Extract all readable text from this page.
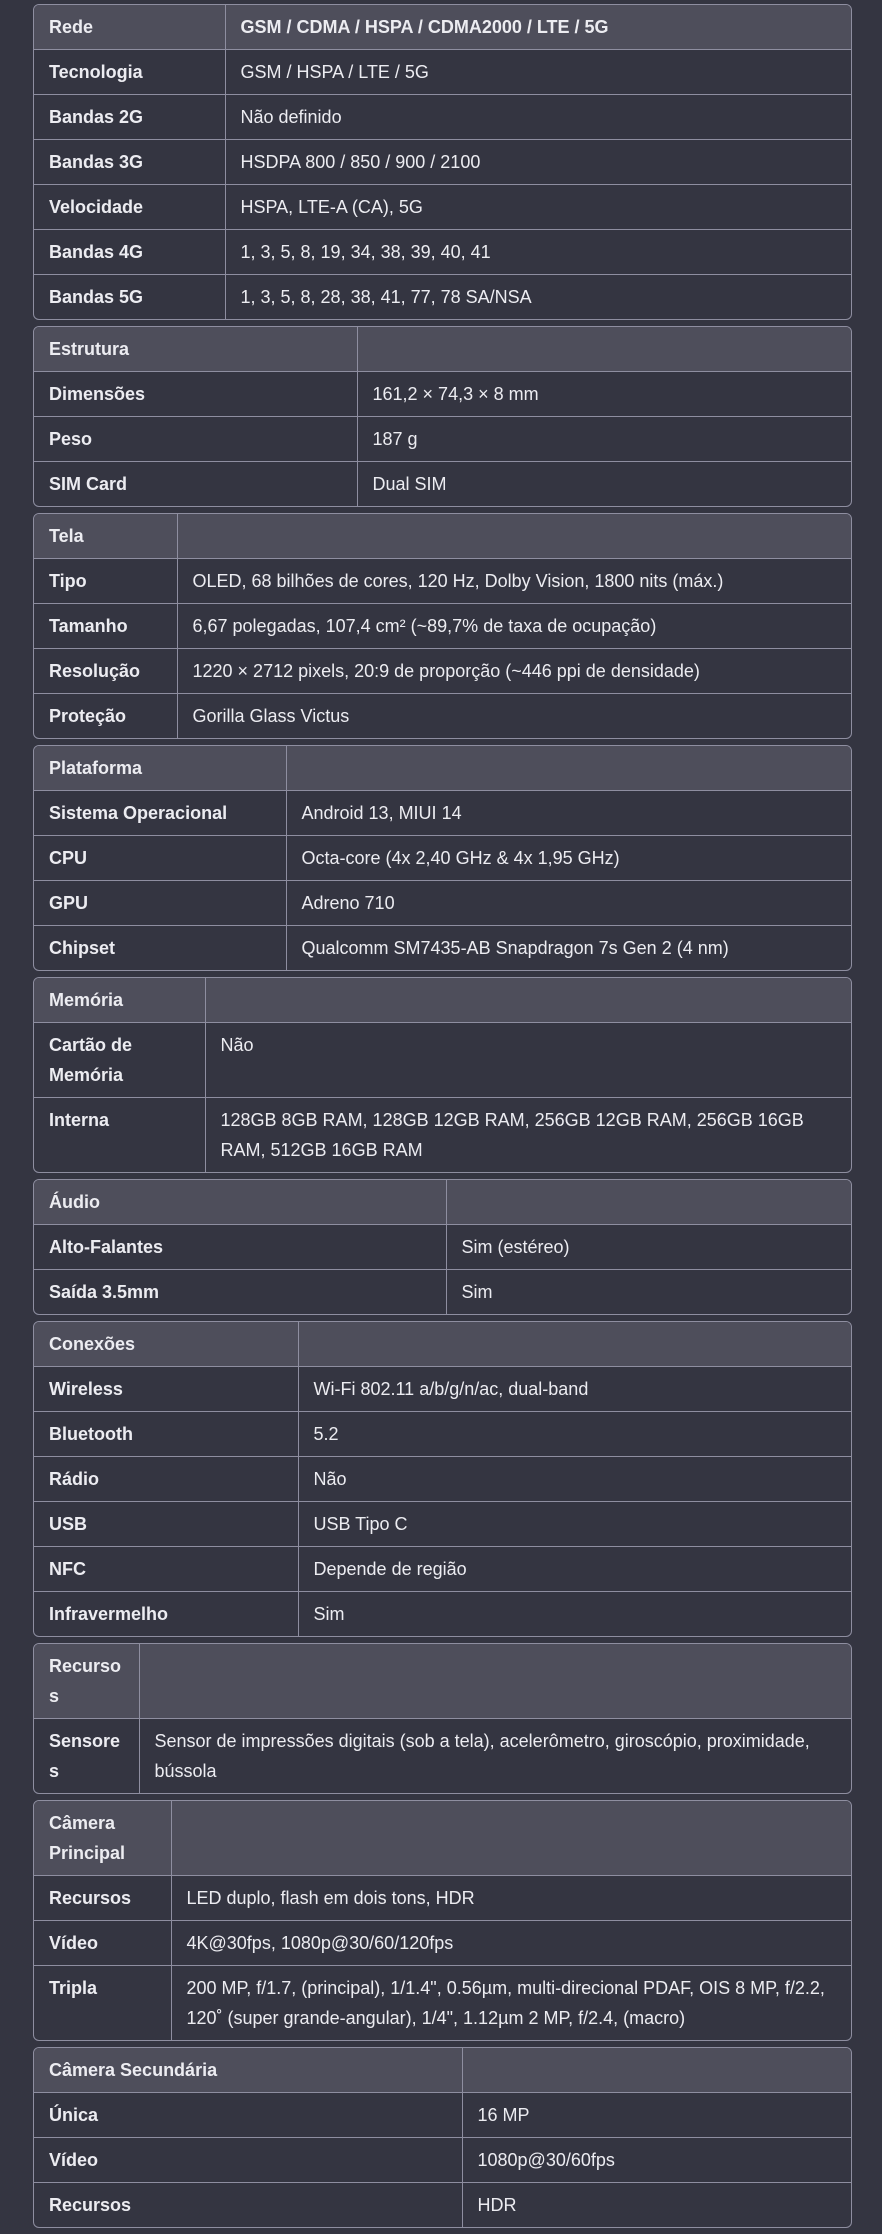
Rede	GSM / CDMA / HSPA / CDMA2000 / LTE / 5G
Tecnologia	GSM / HSPA / LTE / 5G
Bandas 2G	Não definido
Bandas 3G	HSDPA 800 / 850 / 900 / 2100
Velocidade	HSPA, LTE-A (CA), 5G
Bandas 4G	1, 3, 5, 8, 19, 34, 38, 39, 40, 41
Bandas 5G	1, 3, 5, 8, 28, 38, 41, 77, 78 SA/NSA
Estrutura	
Dimensões	161,2 × 74,3 × 8 mm
Peso	187 g
SIM Card	Dual SIM
Tela	
Tipo	OLED, 68 bilhões de cores, 120 Hz, Dolby Vision, 1800 nits (máx.)
Tamanho	6,67 polegadas, 107,4 cm² (~89,7% de taxa de ocupação)
Resolução	1220 × 2712 pixels, 20:9 de proporção (~446 ppi de densidade)
Proteção	Gorilla Glass Victus
Plataforma	
Sistema Operacional	Android 13, MIUI 14
CPU	Octa-core (4x 2,40 GHz & 4x 1,95 GHz)
GPU	Adreno 710
Chipset	Qualcomm SM7435-AB Snapdragon 7s Gen 2 (4 nm)
Memória	
Cartão de Memória	Não
Interna	128GB 8GB RAM, 128GB 12GB RAM, 256GB 12GB RAM, 256GB 16GB RAM, 512GB 16GB RAM
Áudio	
Alto-Falantes	Sim (estéreo)
Saída 3.5mm	Sim
Conexões	
Wireless	Wi-Fi 802.11 a/b/g/n/ac, dual-band
Bluetooth	5.2
Rádio	Não
USB	USB Tipo C
NFC	Depende de região
Infravermelho	Sim
Recursos	
Sensores	Sensor de impressões digitais (sob a tela), acelerômetro, giroscópio, proximidade, bússola
Câmera Principal	
Recursos	LED duplo, flash em dois tons, HDR
Vídeo	4K@30fps, 1080p@30/60/120fps
Tripla	200 MP, f/1.7, (principal), 1/1.4", 0.56µm, multi-direcional PDAF, OIS 8 MP, f/2.2, 120˚ (super grande-angular), 1/4", 1.12µm 2 MP, f/2.4, (macro)
Câmera Secundária	
Única	16 MP
Vídeo	1080p@30/60fps
Recursos	HDR
